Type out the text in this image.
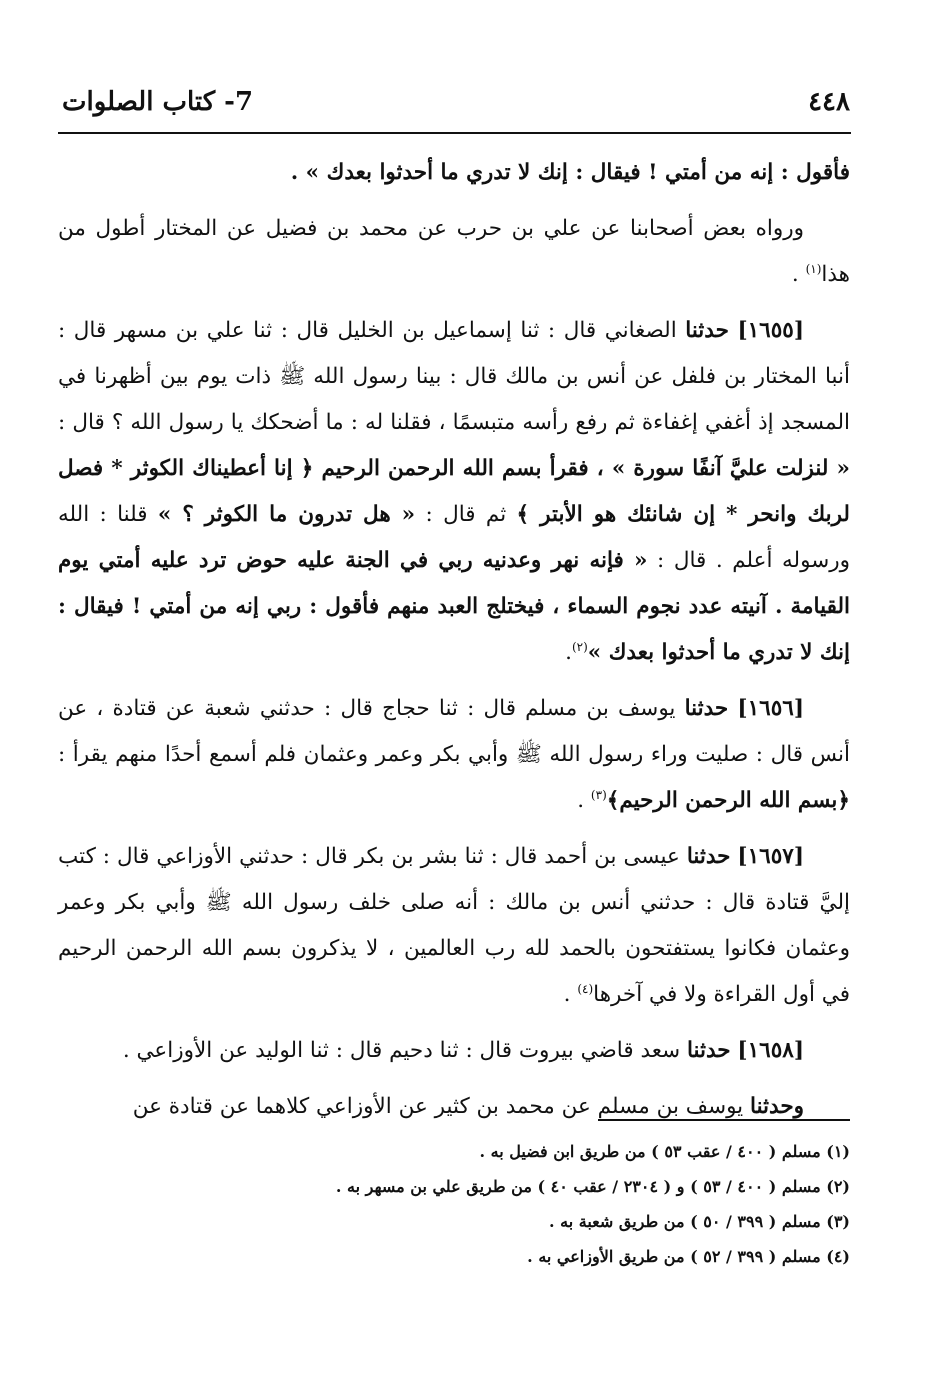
٤٤٨
7- كتاب الصلوات

فأقول : إنه من أمتي ! فيقال : إنك لا تدري ما أحدثوا بعدك » .

ورواه بعض أصحابنا عن علي بن حرب عن محمد بن فضيل عن المختار أطول من هذا$^{(١)}$ .

[١٦٥٥] حدثنا الصغاني قال : ثنا إسماعيل بن الخليل قال : ثنا علي بن مسهر قال : أنبا المختار بن فلفل عن أنس بن مالك قال : بينا رسول الله ﷺ ذات يوم بين أظهرنا في المسجد إذ أغفي إغفاءة ثم رفع رأسه متبسمًا ، فقلنا له : ما أضحكك يا رسول الله ؟ قال : « لنزلت عليَّ آنفًا سورة » ، فقرأ بسم الله الرحمن الرحيم ﴿ إنا أعطيناك الكوثر * فصل لربك وانحر * إن شانئك هو الأبتر ﴾ ثم قال : « هل تدرون ما الكوثر ؟ » قلنا : الله ورسوله أعلم . قال : « فإنه نهر وعدنيه ربي في الجنة عليه حوض ترد عليه أمتي يوم القيامة . آنيته عدد نجوم السماء ، فيختلج العبد منهم فأقول : ربي إنه من أمتي ! فيقال : إنك لا تدري ما أحدثوا بعدك »$^{(٢)}$.

[١٦٥٦] حدثنا يوسف بن مسلم قال : ثنا حجاج قال : حدثني شعبة عن قتادة ، عن أنس قال : صليت وراء رسول الله ﷺ وأبي بكر وعمر وعثمان فلم أسمع أحدًا منهم يقرأ : ﴿بسم الله الرحمن الرحيم﴾$^{(٣)}$ .

[١٦٥٧] حدثنا عيسى بن أحمد قال : ثنا بشر بن بكر قال : حدثني الأوزاعي قال : كتب إليَّ قتادة قال : حدثني أنس بن مالك : أنه صلى خلف رسول الله ﷺ وأبي بكر وعمر وعثمان فكانوا يستفتحون بالحمد لله رب العالمين ، لا يذكرون بسم الله الرحمن الرحيم في أول القراءة ولا في آخرها$^{(٤)}$ .

[١٦٥٨] حدثنا سعد قاضي بيروت قال : ثنا دحيم قال : ثنا الوليد عن الأوزاعي .

وحدثنا يوسف بن مسلم عن محمد بن كثير عن الأوزاعي كلاهما عن قتادة عن

(١) مسلم ( ٤٠٠ / عقب ٥٣ ) من طريق ابن فضيل به .

(٢) مسلم ( ٤٠٠ / ٥٣ ) و ( ٢٣٠٤ / عقب ٤٠ ) من طريق علي بن مسهر به .

(٣) مسلم ( ٣٩٩ / ٥٠ ) من طريق شعبة به .

(٤) مسلم ( ٣٩٩ / ٥٢ ) من طريق الأوزاعي به .
